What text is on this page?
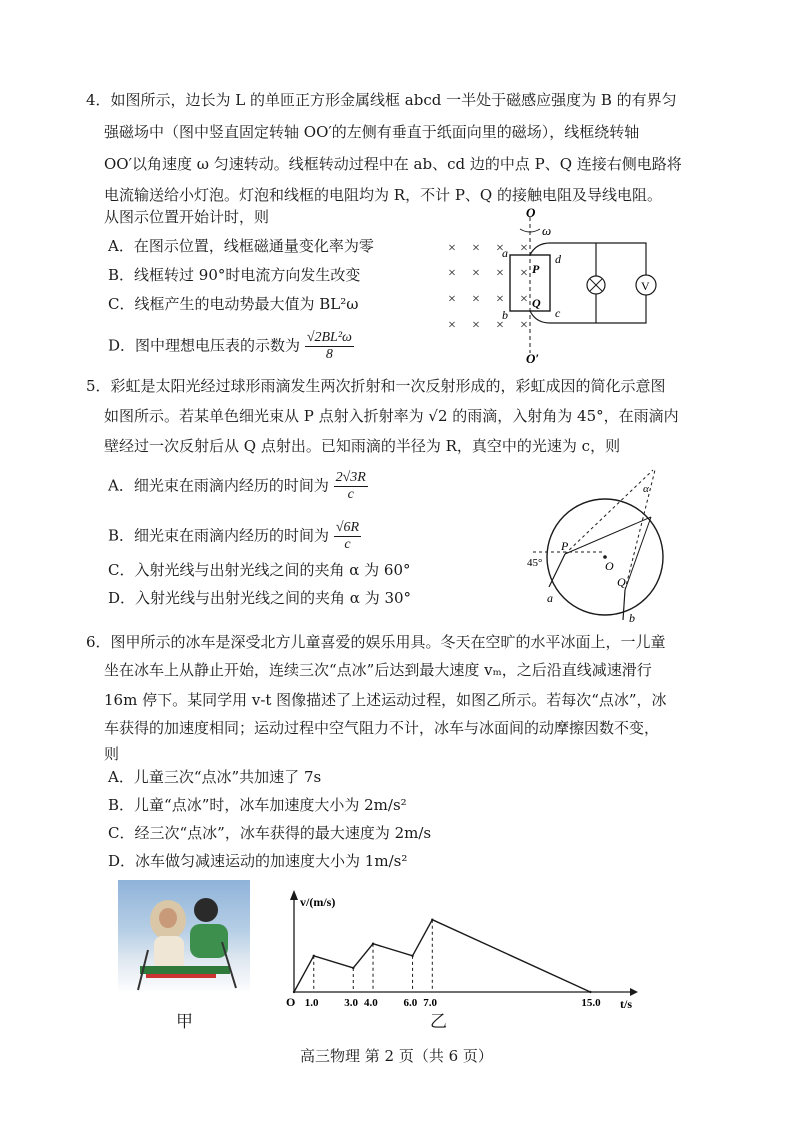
4．如图所示，边长为 L 的单匝正方形金属线框 abcd 一半处于磁感应强度为 B 的有界匀
强磁场中（图中竖直固定转轴 OO′的左侧有垂直于纸面向里的磁场），线框绕转轴
OO′以角速度 ω 匀速转动。线框转动过程中在 ab、cd 边的中点 P、Q 连接右侧电路将
电流输送给小灯泡。灯泡和线框的电阻均为 R，不计 P、Q 的接触电阻及导线电阻。
从图示位置开始计时，则
A．在图示位置，线框磁通量变化率为零
B．线框转过 90°时电流方向发生改变
C．线框产生的电动势最大值为 BL²ω
D．图中理想电压表的示数为 $\frac{\text{√2BL²ω}}{8}$
× × × ×
× × × ×
× × × ×
× × × ×
O
ω
a
b
d
c
P
Q
V
O′
5．彩虹是太阳光经过球形雨滴发生两次折射和一次反射形成的，彩虹成因的简化示意图
如图所示。若某单色细光束从 P 点射入折射率为 √2 的雨滴，入射角为 45°，在雨滴内
壁经过一次反射后从 Q 点射出。已知雨滴的半径为 R，真空中的光速为 c，则
A．细光束在雨滴内经历的时间为 $\frac{2√3R}{c}$
B．细光束在雨滴内经历的时间为 $\frac{√6R}{c}$
C．入射光线与出射光线之间的夹角 α 为 60°
D．入射光线与出射光线之间的夹角 α 为 30°
O
P
45°
a
Q
b
α
6．图甲所示的冰车是深受北方儿童喜爱的娱乐用具。冬天在空旷的水平冰面上，一儿童
坐在冰车上从静止开始，连续三次“点冰”后达到最大速度 vₘ，之后沿直线减速滑行
16m 停下。某同学用 v-t 图像描述了上述运动过程，如图乙所示。若每次“点冰”，冰
车获得的加速度相同；运动过程中空气阻力不计，冰车与冰面间的动摩擦因数不变，
则
A．儿童三次“点冰”共加速了 7s
B．儿童“点冰”时，冰车加速度大小为 2m/s²
C．经三次“点冰”，冰车获得的最大速度为 2m/s
D．冰车做匀减速运动的加速度大小为 1m/s²
甲
v/(m/s)
t/s
O 1.0 3.0 4.0 6.0 7.0	15.0
乙
高三物理 第 2 页（共 6 页）
